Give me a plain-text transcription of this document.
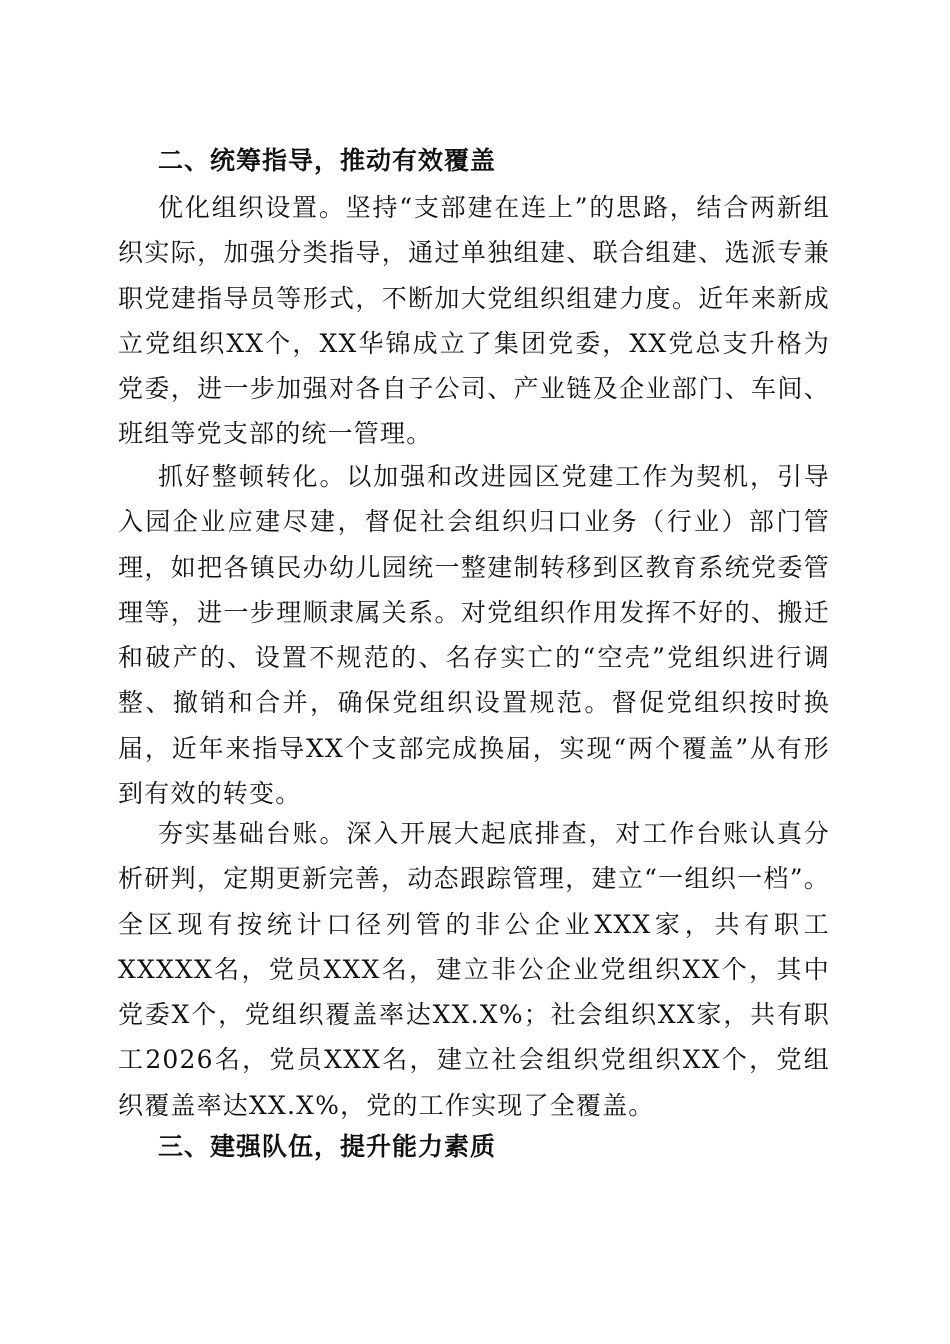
二、统筹指导，推动有效覆盖

优化组织设置。坚持“支部建在连上”的思路，结合两新组织实际，加强分类指导，通过单独组建、联合组建、选派专兼职党建指导员等形式，不断加大党组织组建力度。近年来新成立党组织XX个，XX华锦成立了集团党委，XX党总支升格为党委，进一步加强对各自子公司、产业链及企业部门、车间、班组等党支部的统一管理。

抓好整顿转化。以加强和改进园区党建工作为契机，引导入园企业应建尽建，督促社会组织归口业务（行业）部门管理，如把各镇民办幼儿园统一整建制转移到区教育系统党委管理等，进一步理顺隶属关系。对党组织作用发挥不好的、搬迁和破产的、设置不规范的、名存实亡的“空壳”党组织进行调整、撤销和合并，确保党组织设置规范。督促党组织按时换届，近年来指导XX个支部完成换届，实现“两个覆盖”从有形到有效的转变。

夯实基础台账。深入开展大起底排查，对工作台账认真分析研判，定期更新完善，动态跟踪管理，建立“一组织一档”。全区现有按统计口径列管的非公企业XXX家，共有职工XXXXX名，党员XXX名，建立非公企业党组织XX个，其中党委X个，党组织覆盖率达XX.X%；社会组织XX家，共有职工2026名，党员XXX名，建立社会组织党组织XX个，党组织覆盖率达XX.X%，党的工作实现了全覆盖。

三、建强队伍，提升能力素质
